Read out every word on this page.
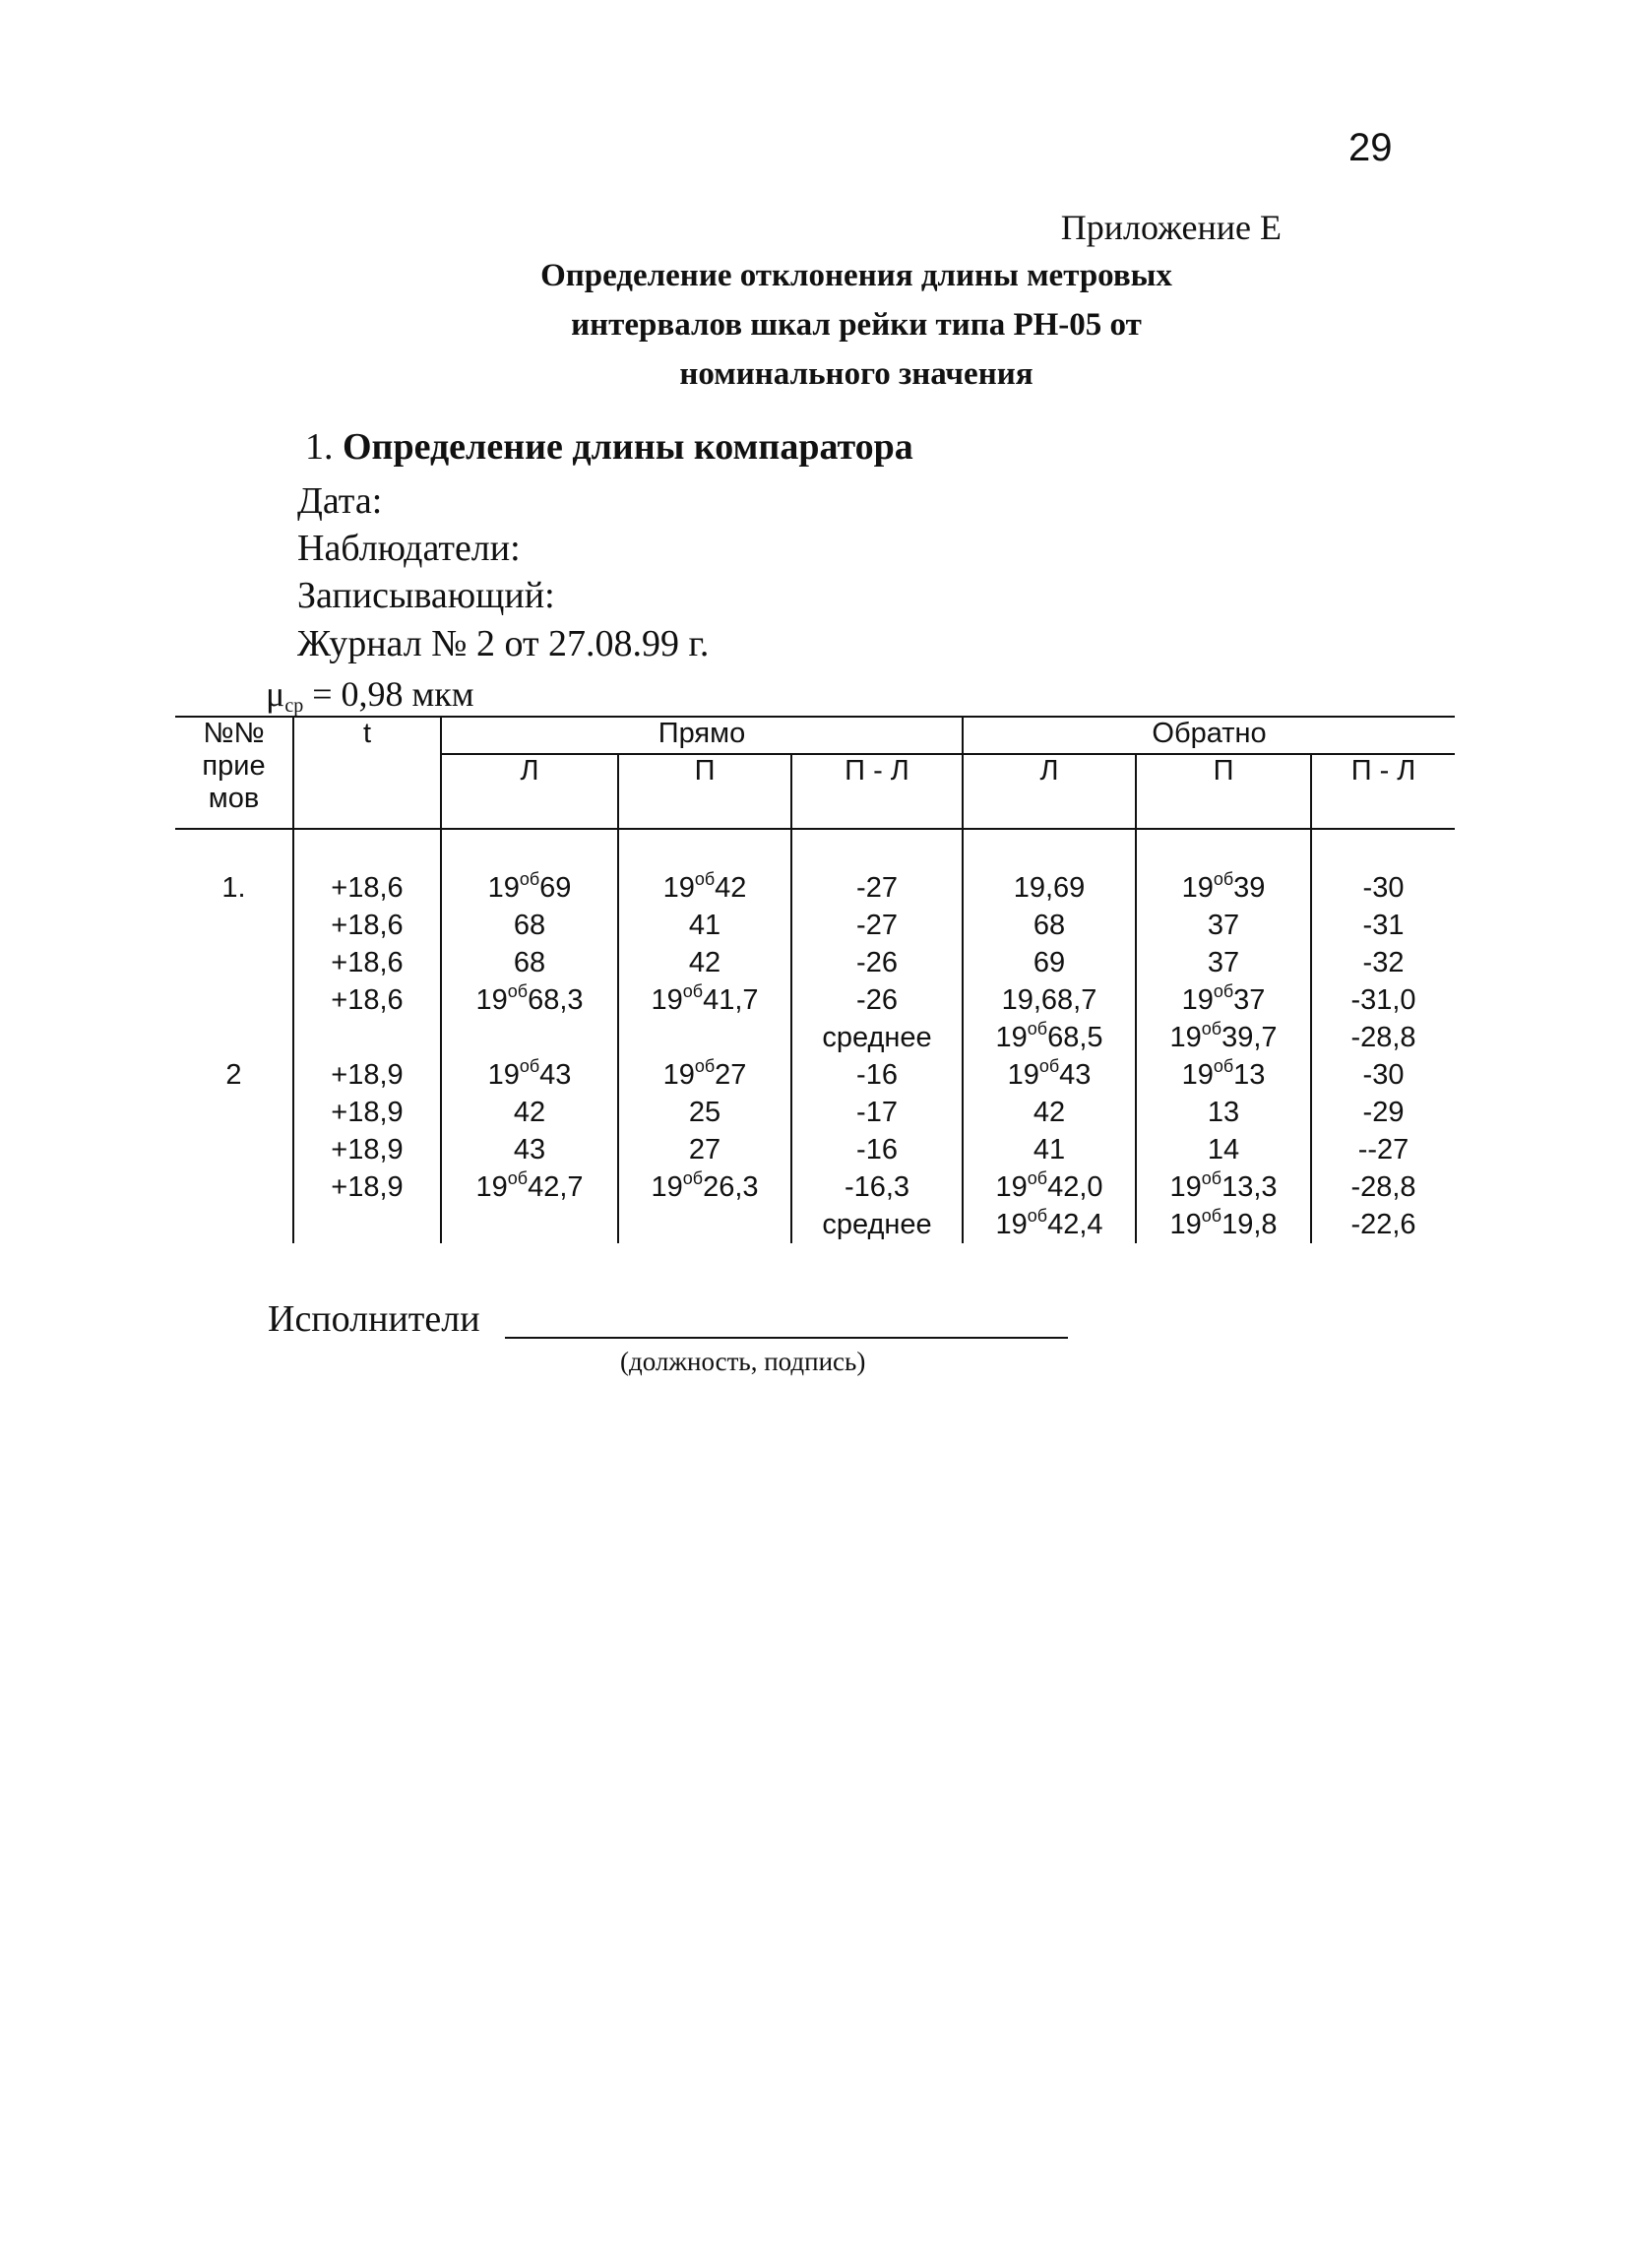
29
Приложение Е
Определение отклонения длины метровых
интервалов шкал рейки типа РН-05 от
номинального значения
1. Определение длины компаратора
Дата:
Наблюдатели:
Записывающий:
Журнал № 2 от 27.08.99 г.
$\mu_{ср} = 0,98$ мкм
№№
прие
мов	t	Прямо			Обратно		
		Л	П	П - Л	Л	П	П - Л

1.	+18,6	$19^{об}69$	$19^{об}42$	-27	19,69	$19^{об}39$	-30
	+18,6	68	41	-27	68	37	-31
	+18,6	68	42	-26	69	37	-32
	+18,6	$19^{об}68,3$	$19^{об}41,7$	-26	19,68,7	$19^{об}37$	-31,0
				среднее	$19^{об}68,5$	$19^{об}39,7$	-28,8
2	+18,9	$19^{об}43$	$19^{об}27$	-16	$19^{об}43$	$19^{об}13$	-30
	+18,9	42	25	-17	42	13	-29
	+18,9	43	27	-16	41	14	--27
	+18,9	$19^{об}42,7$	$19^{об}26,3$	-16,3	$19^{об}42,0$	$19^{об}13,3$	-28,8
				среднее	$19^{об}42,4$	$19^{об}19,8$	-22,6
Исполнители
(должность, подпись)
